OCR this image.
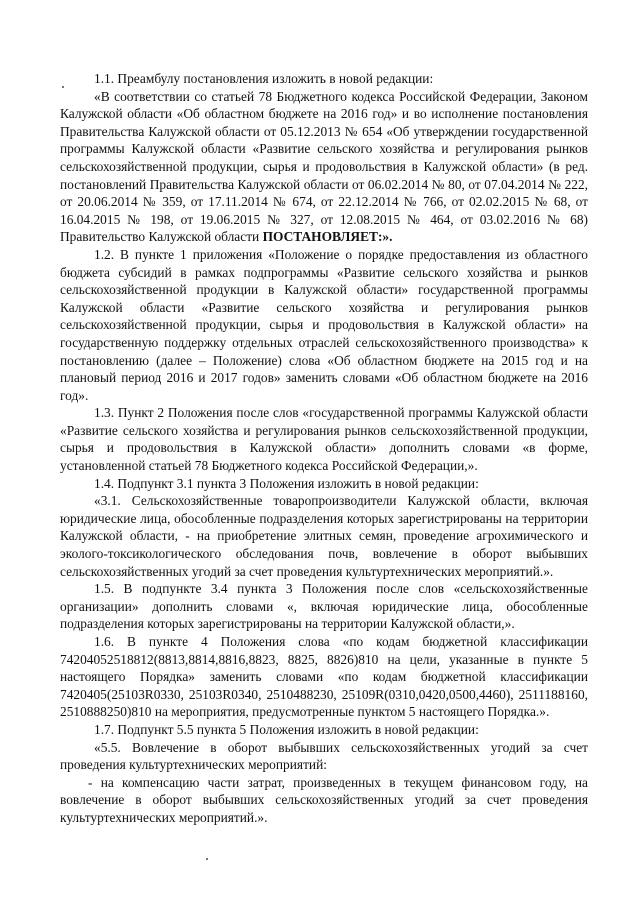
1.1. Преамбулу постановления изложить в новой редакции:

«В соответствии со статьей 78 Бюджетного кодекса Российской Федерации, Законом Калужской области «Об областном бюджете на 2016 год» и во исполнение постановления Правительства Калужской области от 05.12.2013 № 654 «Об утверждении государственной программы Калужской области «Развитие сельского хозяйства и регулирования рынков сельскохозяйственной продукции, сырья и продовольствия в Калужской области» (в ред. постановлений Правительства Калужской области от 06.02.2014 № 80, от 07.04.2014 № 222, от 20.06.2014 № 359, от 17.11.2014 № 674, от 22.12.2014 № 766, от 02.02.2015 № 68, от 16.04.2015 № 198, от 19.06.2015 № 327, от 12.08.2015 № 464, от 03.02.2016 № 68) Правительство Калужской области ПОСТАНОВЛЯЕТ:».

1.2. В пункте 1 приложения «Положение о порядке предоставления из областного бюджета субсидий в рамках подпрограммы «Развитие сельского хозяйства и рынков сельскохозяйственной продукции в Калужской области» государственной программы Калужской области «Развитие сельского хозяйства и регулирования рынков сельскохозяйственной продукции, сырья и продовольствия в Калужской области» на государственную поддержку отдельных отраслей сельскохозяйственного производства» к постановлению (далее – Положение) слова «Об областном бюджете на 2015 год и на плановый период 2016 и 2017 годов» заменить словами «Об областном бюджете на 2016 год».

1.3. Пункт 2 Положения после слов «государственной программы Калужской области «Развитие сельского хозяйства и регулирования рынков сельскохозяйственной продукции, сырья и продовольствия в Калужской области» дополнить словами «в форме, установленной статьей 78 Бюджетного кодекса Российской Федерации,».

1.4. Подпункт 3.1 пункта 3 Положения изложить в новой редакции:

«3.1. Сельскохозяйственные товаропроизводители Калужской области, включая юридические лица, обособленные подразделения которых зарегистрированы на территории Калужской области, - на приобретение элитных семян, проведение агрохимического и эколого-токсикологического обследования почв, вовлечение в оборот выбывших сельскохозяйственных угодий за счет проведения культуртехнических мероприятий.».

1.5. В подпункте 3.4 пункта 3 Положения после слов «сельскохозяйственные организации» дополнить словами «, включая юридические лица, обособленные подразделения которых зарегистрированы на территории Калужской области,».

1.6. В пункте 4 Положения слова «по кодам бюджетной классификации 74204052518812(8813,8814,8816,8823, 8825, 8826)810 на цели, указанные в пункте 5 настоящего Порядка» заменить словами «по кодам бюджетной классификации 7420405(25103R0330, 25103R0340, 2510488230, 25109R(0310,0420,0500,4460), 2511188160, 2510888250)810 на мероприятия, предусмотренные пунктом 5 настоящего Порядка.».

1.7. Подпункт 5.5 пункта 5 Положения изложить в новой редакции:

«5.5. Вовлечение в оборот выбывших сельскохозяйственных угодий за счет проведения культуртехнических мероприятий:

- на компенсацию части затрат, произведенных в текущем финансовом году, на вовлечение в оборот выбывших сельскохозяйственных угодий за счет проведения культуртехнических мероприятий.».
